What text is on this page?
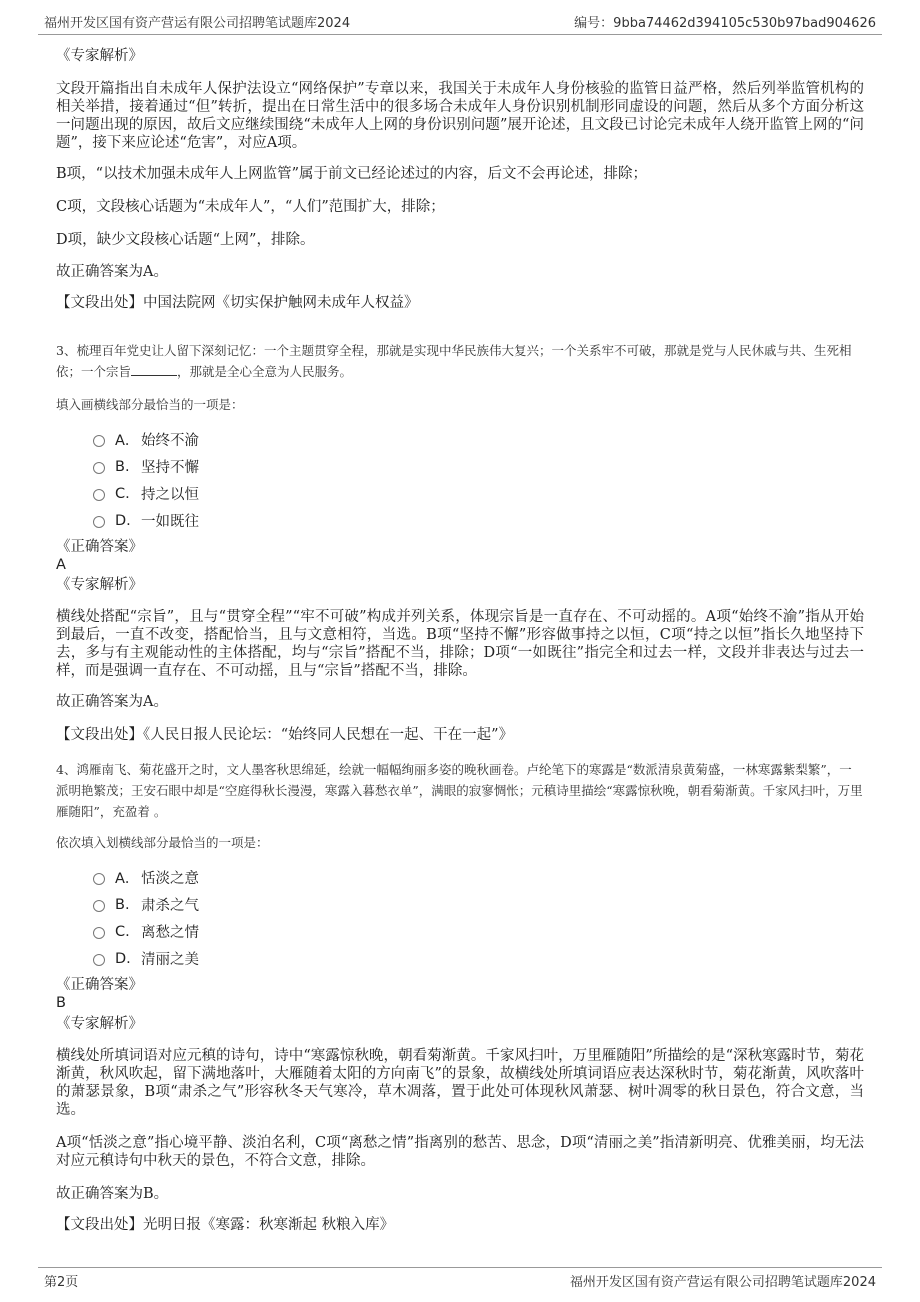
福州开发区国有资产营运有限公司招聘笔试题库2024	编号：9bba74462d394105c530b97bad904626

《专家解析》

文段开篇指出自未成年人保护法设立“网络保护”专章以来，我国关于未成年人身份核验的监管日益严格，然后列举监管机构的相关举措，接着通过“但”转折，提出在日常生活中的很多场合未成年人身份识别机制形同虚设的问题，然后从多个方面分析这一问题出现的原因，故后文应继续围绕“未成年人上网的身份识别问题”展开论述，且文段已讨论完未成年人绕开监管上网的“问题”，接下来应论述“危害”，对应A项。

B项，“以技术加强未成年人上网监管”属于前文已经论述过的内容，后文不会再论述，排除；

C项，文段核心话题为“未成年人”，“人们”范围扩大，排除；

D项，缺少文段核心话题“上网”，排除。

故正确答案为A。

【文段出处】中国法院网《切实保护触网未成年人权益》

3、梳理百年党史让人留下深刻记忆：一个主题贯穿全程，那就是实现中华民族伟大复兴；一个关系牢不可破，那就是党与人民休戚与共、生死相依；一个宗旨	，那就是全心全意为人民服务。

填入画横线部分最恰当的一项是：

A． 始终不渝
B. 坚持不懈
C. 持之以恒
D. 一如既往

《正确答案》

A

《专家解析》

横线处搭配“宗旨”，且与“贯穿全程”“牢不可破”构成并列关系，体现宗旨是一直存在、不可动摇的。A项“始终不渝”指从开始到最后，一直不改变，搭配恰当，且与文意相符，当选。B项“坚持不懈”形容做事持之以恒，C项“持之以恒”指长久地坚持下去，多与有主观能动性的主体搭配，均与“宗旨”搭配不当，排除；D项“一如既往”指完全和过去一样，文段并非表达与过去一样，而是强调一直存在、不可动摇，且与“宗旨”搭配不当，排除。

故正确答案为A。

【文段出处】《人民日报人民论坛：“始终同人民想在一起、干在一起”》

4、鸿雁南飞、菊花盛开之时，文人墨客秋思绵延，绘就一幅幅绚丽多姿的晚秋画卷。卢纶笔下的寒露是“数派清泉黄菊盛，一林寒露紫梨繁”，一派明艳繁茂；王安石眼中却是“空庭得秋长漫漫，寒露入暮愁衣单”，满眼的寂寥惆怅；元稹诗里描绘“寒露惊秋晚，朝看菊渐黄。千家风扫叶，万里雁随阳”，充盈着 。

依次填入划横线部分最恰当的一项是：

A． 恬淡之意
B. 肃杀之气
C. 离愁之情
D. 清丽之美

《正确答案》

B

《专家解析》

横线处所填词语对应元稹的诗句，诗中“寒露惊秋晚，朝看菊渐黄。千家风扫叶，万里雁随阳”所描绘的是“深秋寒露时节，菊花渐黄，秋风吹起，留下满地落叶，大雁随着太阳的方向南飞”的景象，故横线处所填词语应表达深秋时节，菊花渐黄，风吹落叶的萧瑟景象，B项“肃杀之气”形容秋冬天气寒冷，草木凋落，置于此处可体现秋风萧瑟、树叶凋零的秋日景色，符合文意，当选。

A项“恬淡之意”指心境平静、淡泊名利，C项“离愁之情”指离别的愁苦、思念，D项“清丽之美”指清新明亮、优雅美丽，均无法对应元稹诗句中秋天的景色，不符合文意，排除。

故正确答案为B。

【文段出处】光明日报《寒露：秋寒渐起 秋粮入库》

第2页	福州开发区国有资产营运有限公司招聘笔试题库2024
